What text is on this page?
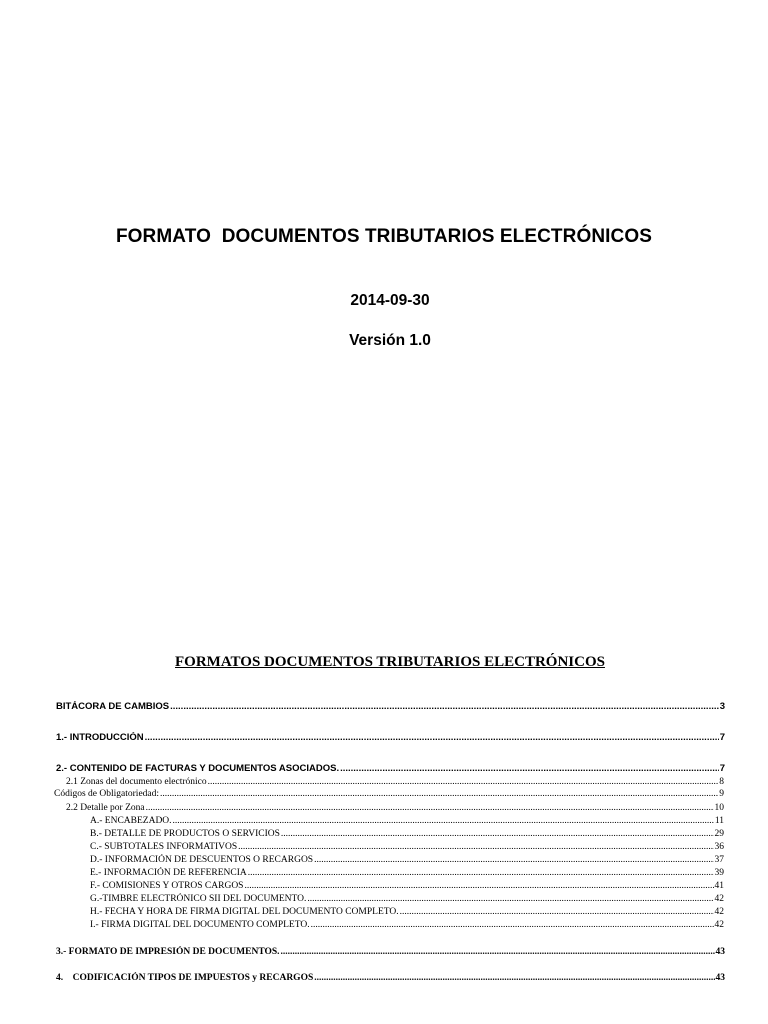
FORMATO  DOCUMENTOS TRIBUTARIOS ELECTRÓNICOS
2014-09-30
Versión 1.0
FORMATOS DOCUMENTOS TRIBUTARIOS ELECTRÓNICOS
BITÁCORA DE CAMBIOS .....	3
1.- INTRODUCCIÓN .....	7
2.- CONTENIDO DE FACTURAS Y DOCUMENTOS ASOCIADOS. .....	7
2.1 Zonas del documento electrónico .....	8
Códigos de Obligatoriedad: .....	9
2.2 Detalle por Zona .....	10
A.- ENCABEZADO. .....	11
B.- DETALLE DE PRODUCTOS O SERVICIOS .....	29
C.- SUBTOTALES INFORMATIVOS .....	36
D.- INFORMACIÓN DE DESCUENTOS O RECARGOS .....	37
E.- INFORMACIÓN DE REFERENCIA .....	39
F.- COMISIONES Y OTROS CARGOS .....	41
G.-TIMBRE ELECTRÓNICO SII DEL DOCUMENTO. .....	42
H.- FECHA Y HORA DE FIRMA DIGITAL DEL DOCUMENTO COMPLETO. .....	42
I.- FIRMA DIGITAL DEL DOCUMENTO COMPLETO. .....	42
3.- FORMATO DE IMPRESIÓN DE DOCUMENTOS. .....	43
4.    CODIFICACIÓN TIPOS DE IMPUESTOS y RECARGOS .....	43
